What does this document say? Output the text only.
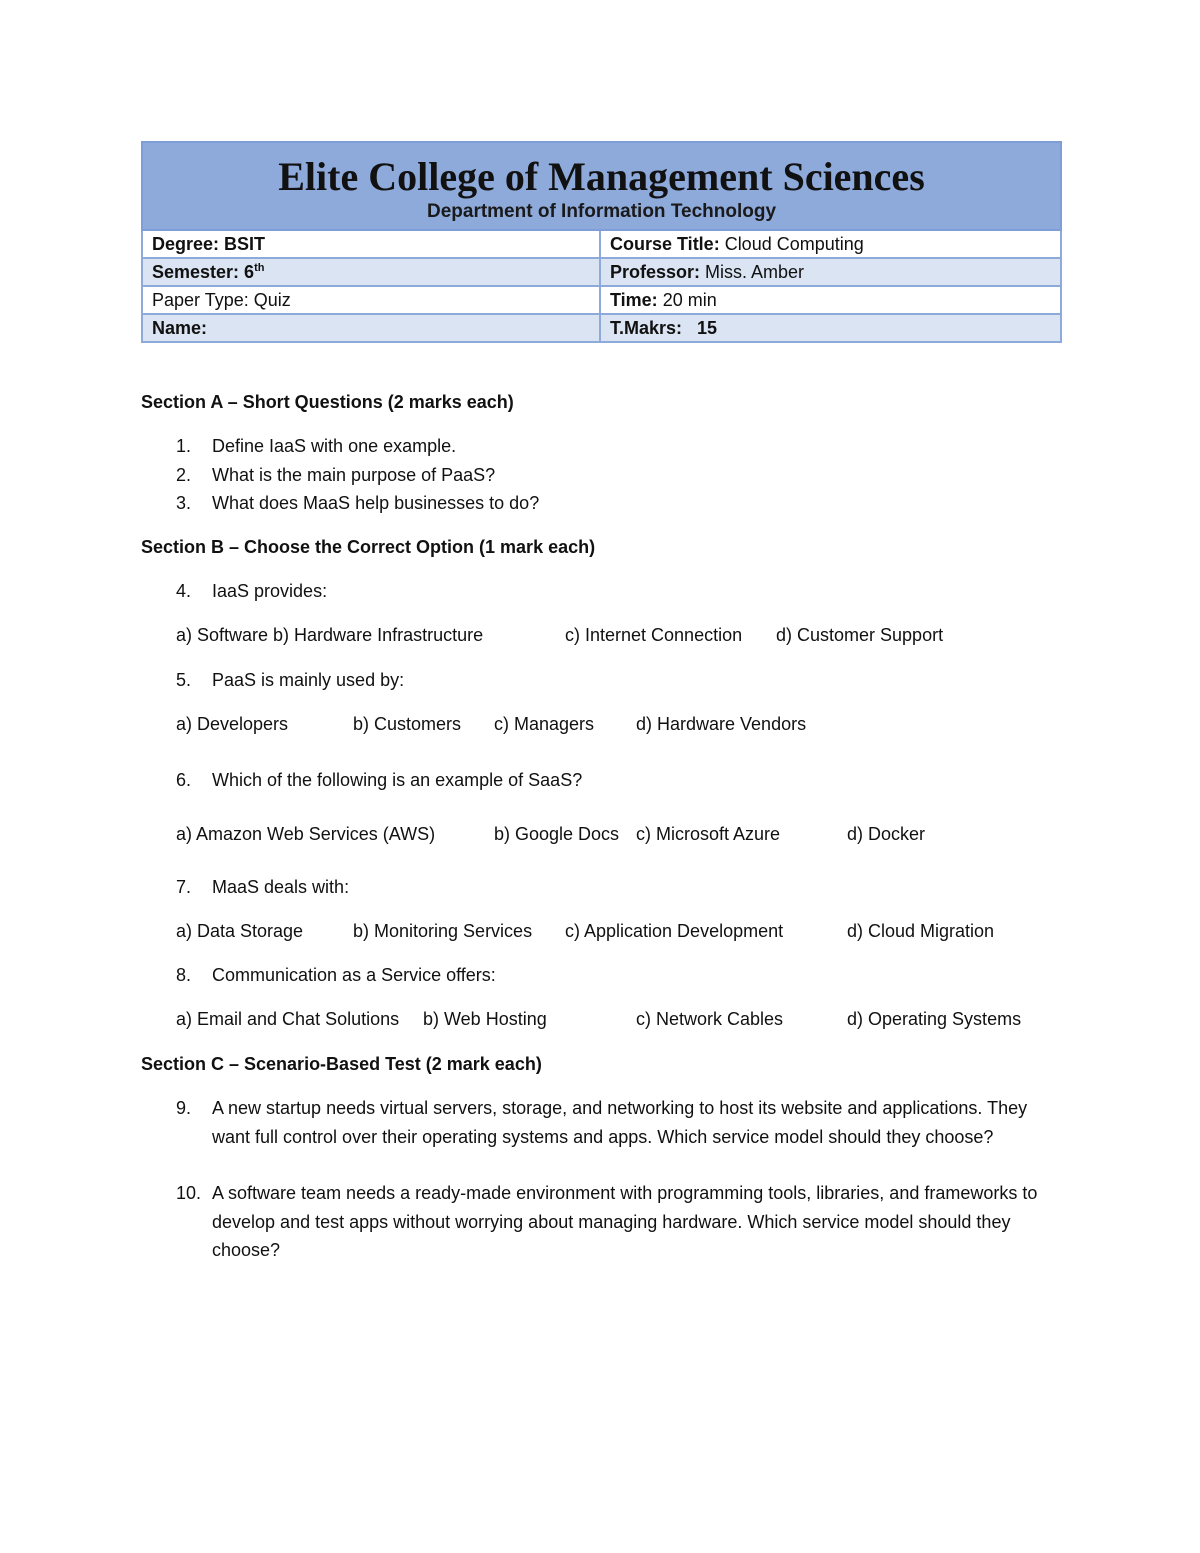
Elite College of Management Sciences
Department of Information Technology	

Degree: BSIT	Course Title: Cloud Computing
Semester: 6th	Professor: Miss. Amber
Paper Type: Quiz	Time: 20 min
Name:	T.Makrs:   15
Section A – Short Questions (2 marks each)
1. Define IaaS with one example.
2. What is the main purpose of PaaS?
3. What does MaaS help businesses to do?
Section B – Choose the Correct Option (1 mark each)
4. IaaS provides:
a) Software b) Hardware Infrastructure	c) Internet Connection d) Customer Support
5. PaaS is mainly used by:
a) Developers	b) Customers c) Managers d) Hardware Vendors
6. Which of the following is an example of SaaS?
a) Amazon Web Services (AWS)	b) Google Docs c) Microsoft Azure	d) Docker
7. MaaS deals with:
a) Data Storage	b) Monitoring Services c) Application Development	d) Cloud Migration
8. Communication as a Service offers:
a) Email and Chat Solutions b) Web Hosting	c) Network Cables	d) Operating Systems
Section C – Scenario-Based Test (2 mark each)
9. A new startup needs virtual servers, storage, and networking to host its website and applications. They want full control over their operating systems and apps. Which service model should they choose?
10. A software team needs a ready-made environment with programming tools, libraries, and frameworks to develop and test apps without worrying about managing hardware. Which service model should they choose?
